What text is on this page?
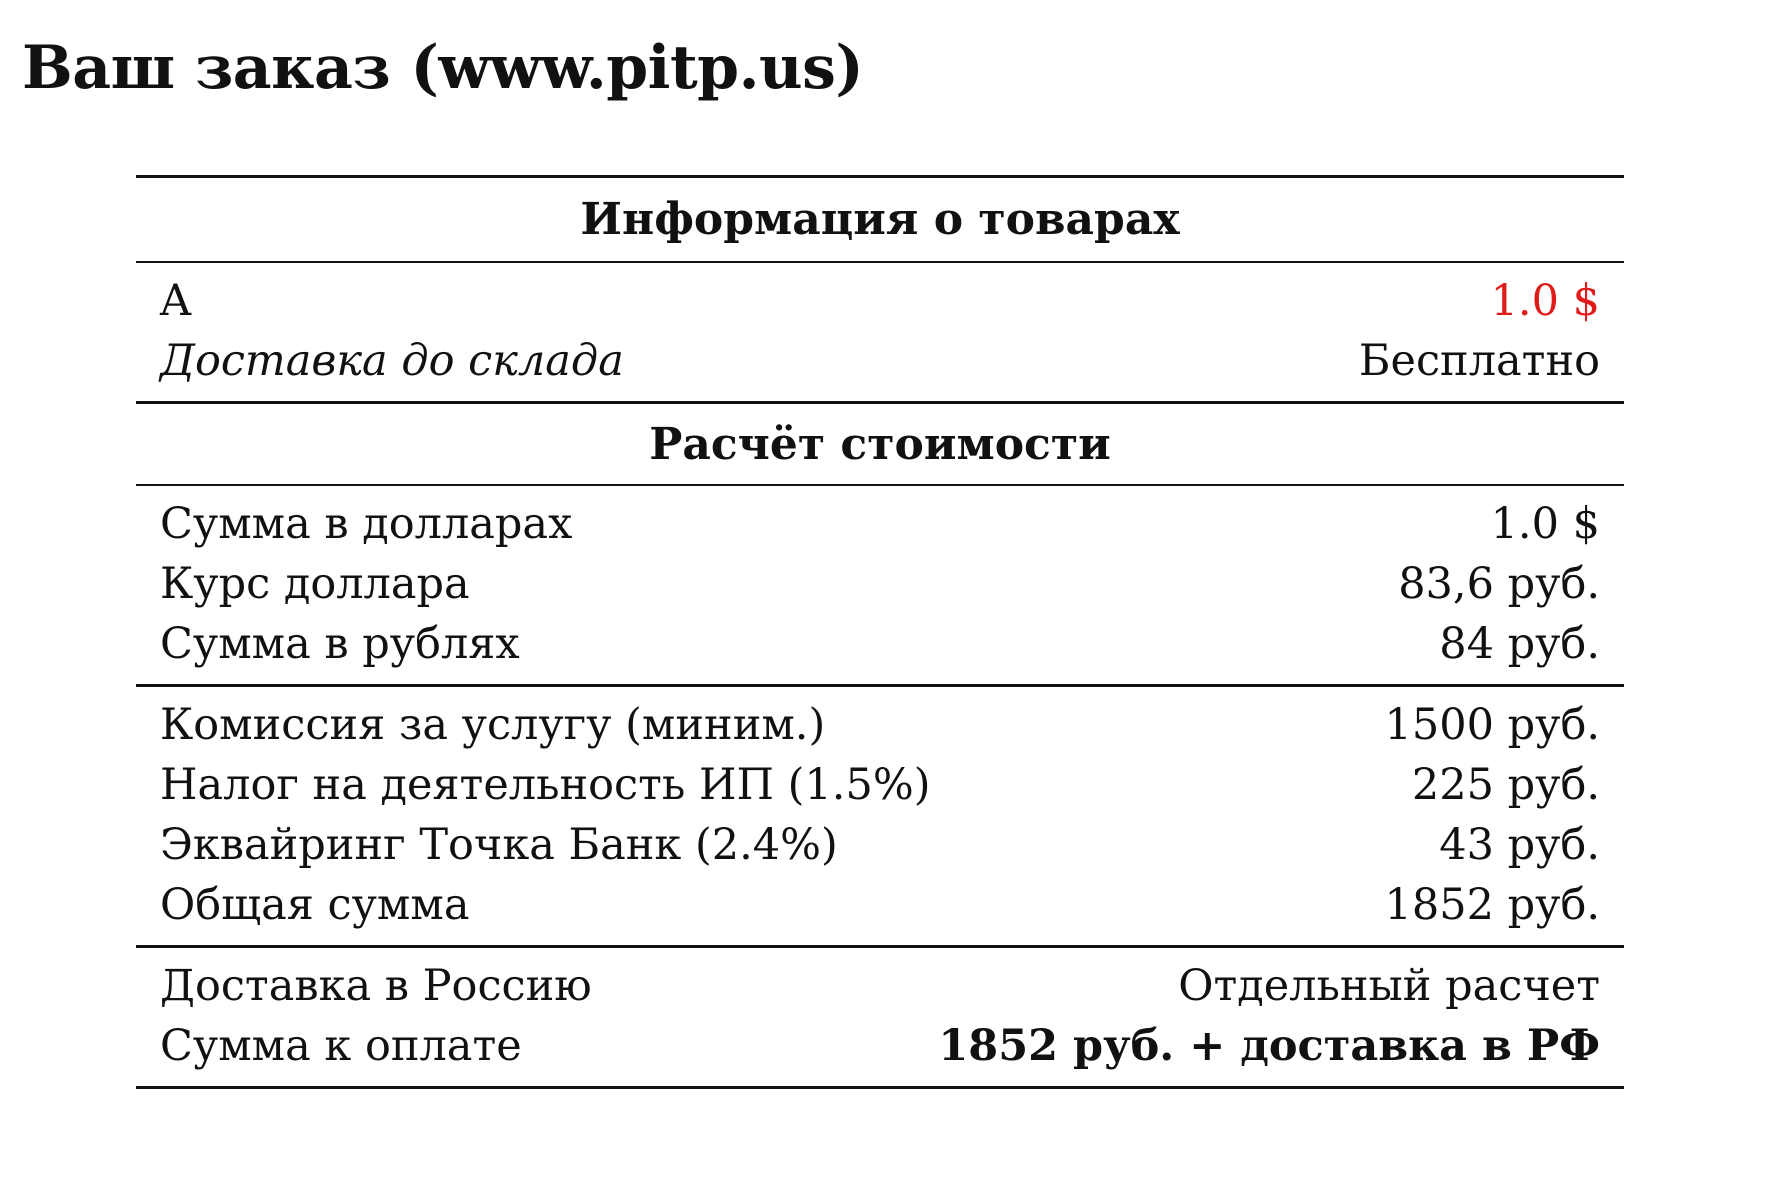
Ваш заказ (www.pitp.us)
Информация о товарах
A	1.0 $
Доставка до склада	Бесплатно
Расчёт стоимости
Сумма в долларах	1.0 $
Курс доллара	83,6 руб.
Сумма в рублях	84 руб.
Комиссия за услугу (миним.)	1500 руб.
Налог на деятельность ИП (1.5%)	225 руб.
Эквайринг Точка Банк (2.4%)	43 руб.
Общая сумма	1852 руб.
Доставка в Россию	Отдельный расчет
Сумма к оплате	1852 руб. + доставка в РФ
